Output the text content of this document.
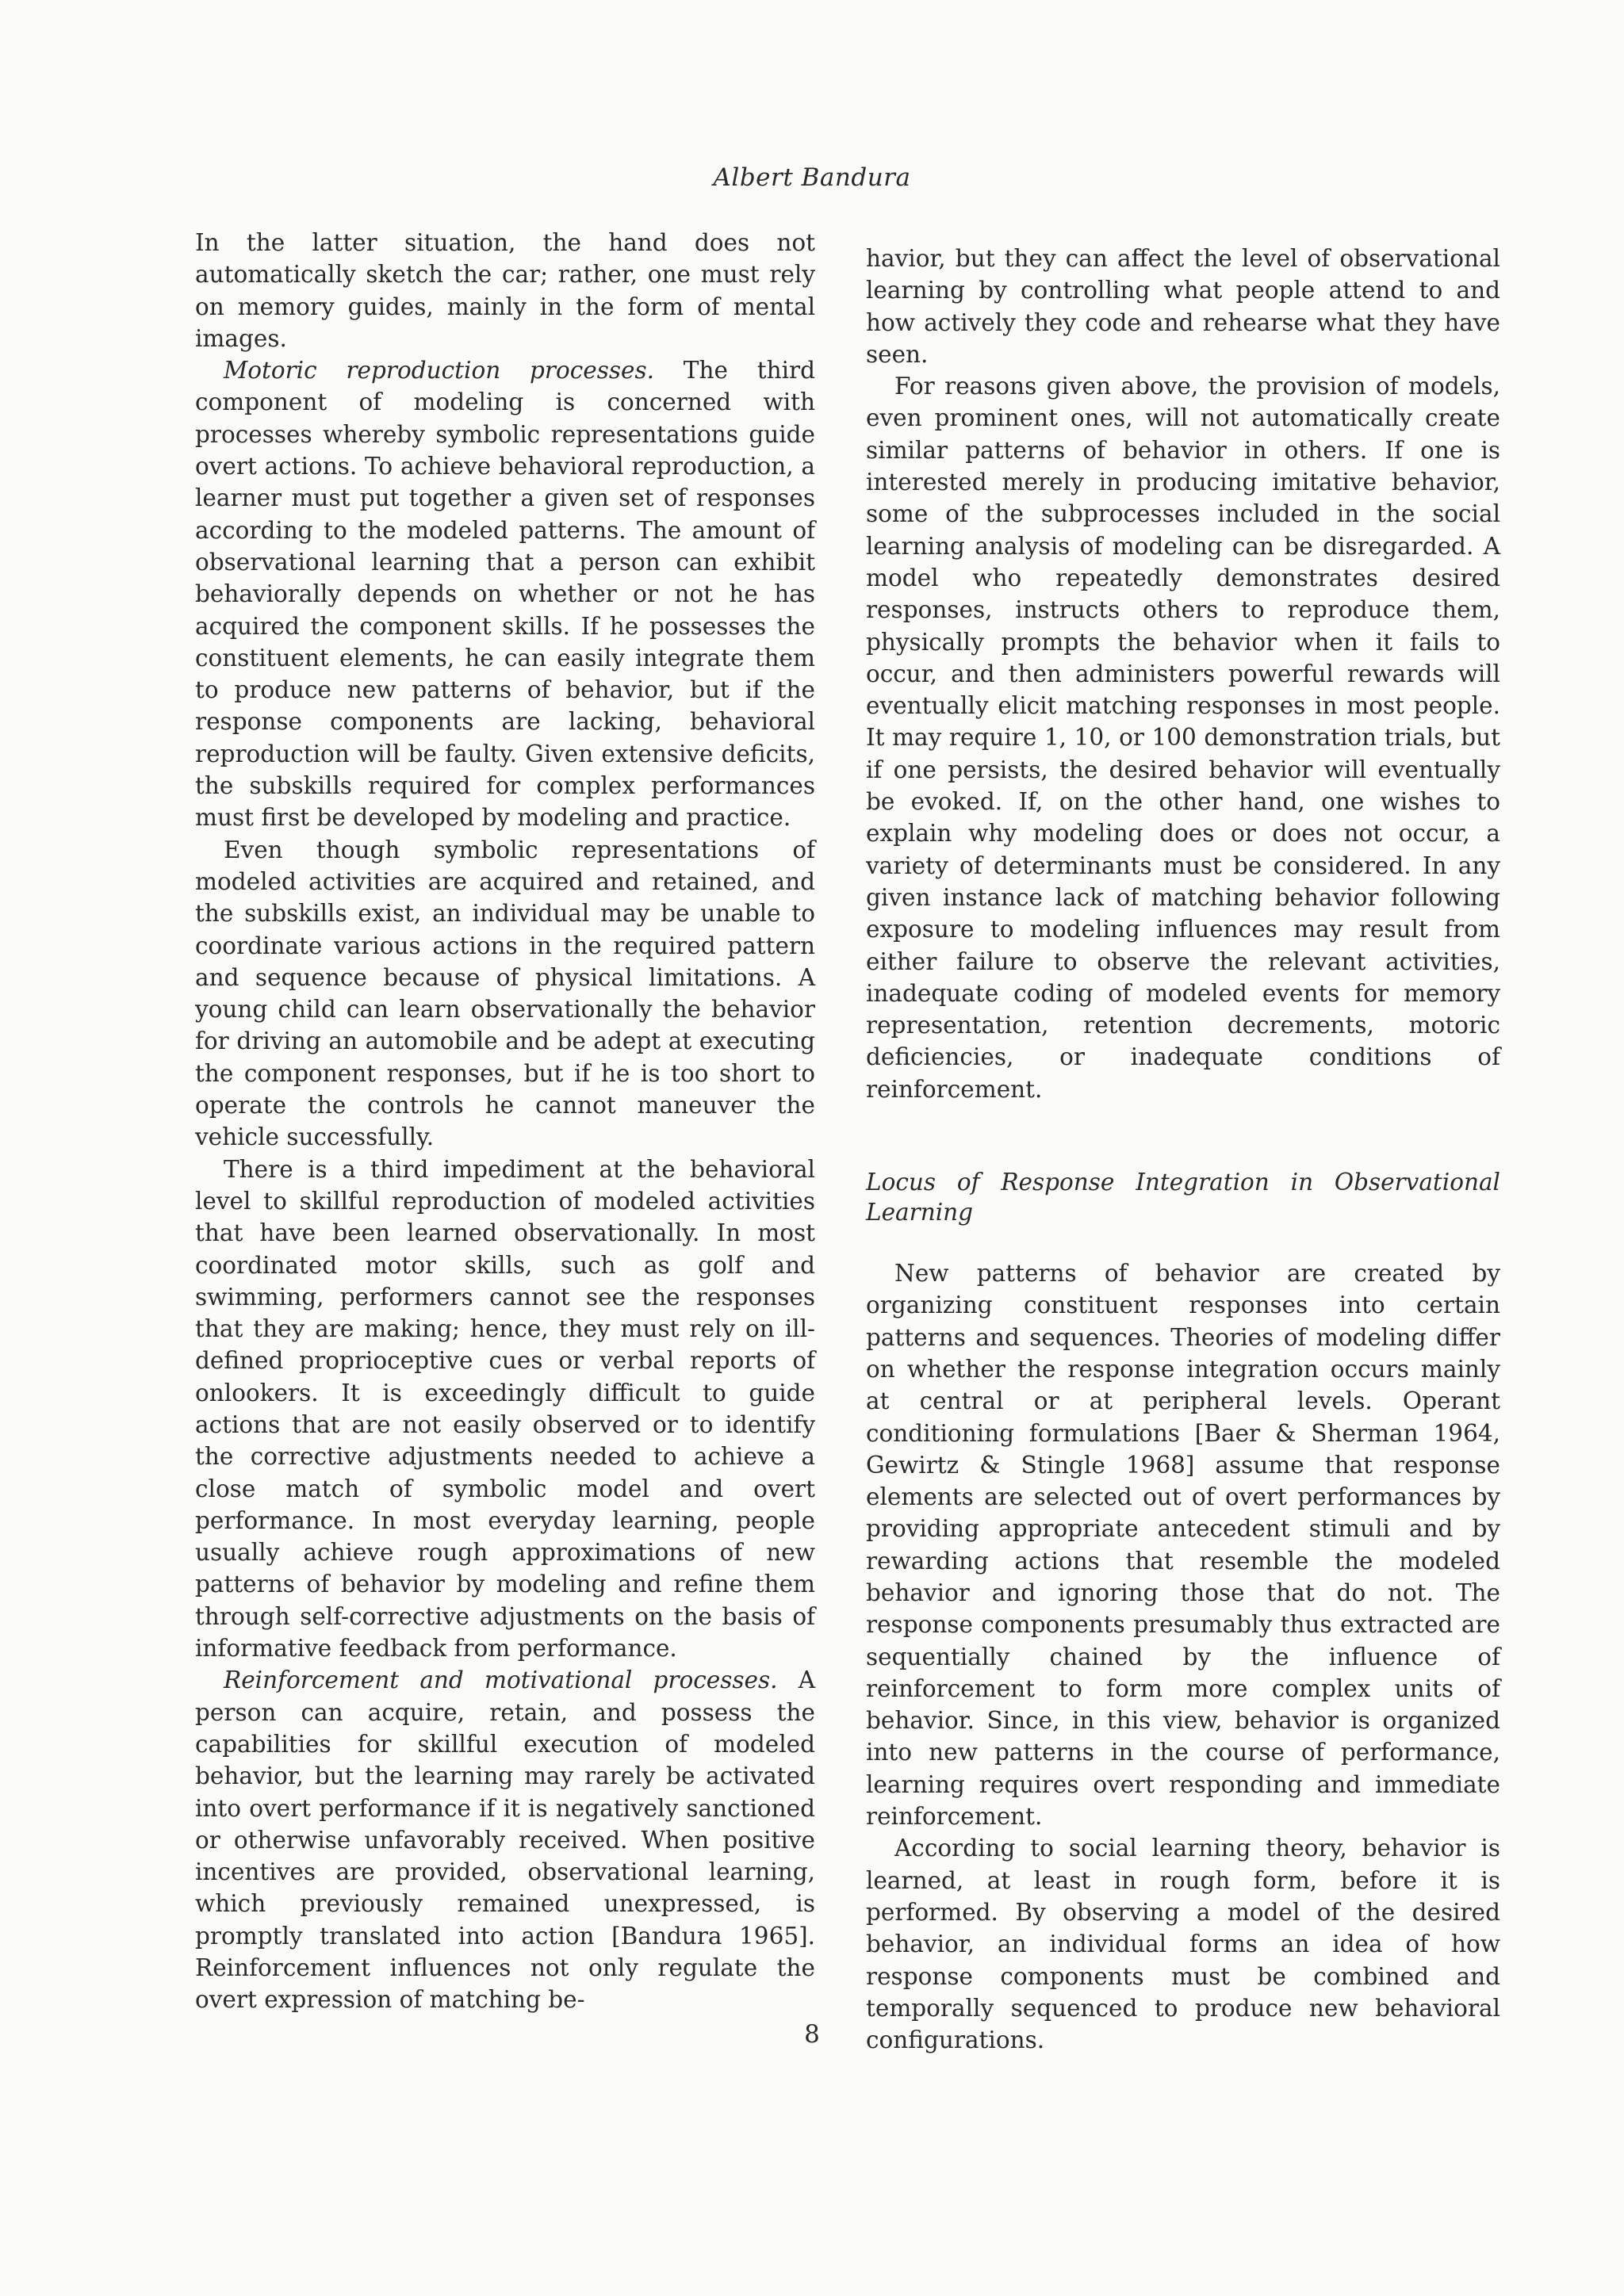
Albert Bandura

In the latter situation, the hand does not automatically sketch the car; rather, one must rely on memory guides, mainly in the form of mental images.

Motoric reproduction processes. The third component of modeling is concerned with processes whereby symbolic representations guide overt actions. To achieve behavioral reproduction, a learner must put together a given set of responses according to the modeled patterns. The amount of observational learning that a person can exhibit behaviorally depends on whether or not he has acquired the component skills. If he possesses the constituent elements, he can easily integrate them to produce new patterns of behavior, but if the response components are lacking, behavioral reproduction will be faulty. Given extensive deficits, the subskills required for complex performances must first be developed by modeling and practice.

Even though symbolic representations of modeled activities are acquired and retained, and the subskills exist, an individual may be unable to coordinate various actions in the required pattern and sequence because of physical limitations. A young child can learn observationally the behavior for driving an automobile and be adept at executing the component responses, but if he is too short to operate the controls he cannot maneuver the vehicle successfully.

There is a third impediment at the behavioral level to skillful reproduction of modeled activities that have been learned observationally. In most coordinated motor skills, such as golf and swimming, performers cannot see the responses that they are making; hence, they must rely on ill-defined proprioceptive cues or verbal reports of onlookers. It is exceedingly difficult to guide actions that are not easily observed or to identify the corrective adjustments needed to achieve a close match of symbolic model and overt performance. In most everyday learning, people usually achieve rough approximations of new patterns of behavior by modeling and refine them through self-corrective adjustments on the basis of informative feedback from performance.

Reinforcement and motivational processes. A person can acquire, retain, and possess the capabilities for skillful execution of modeled behavior, but the learning may rarely be activated into overt performance if it is negatively sanctioned or otherwise unfavorably received. When positive incentives are provided, observational learning, which previously remained unexpressed, is promptly translated into action [Bandura 1965]. Reinforcement influences not only regulate the overt expression of matching be-

havior, but they can affect the level of observational learning by controlling what people attend to and how actively they code and rehearse what they have seen.

For reasons given above, the provision of models, even prominent ones, will not automatically create similar patterns of behavior in others. If one is interested merely in producing imitative behavior, some of the subprocesses included in the social learning analysis of modeling can be disregarded. A model who repeatedly demonstrates desired responses, instructs others to reproduce them, physically prompts the behavior when it fails to occur, and then administers powerful rewards will eventually elicit matching responses in most people. It may require 1, 10, or 100 demonstration trials, but if one persists, the desired behavior will eventually be evoked. If, on the other hand, one wishes to explain why modeling does or does not occur, a variety of determinants must be considered. In any given instance lack of matching behavior following exposure to modeling influences may result from either failure to observe the relevant activities, inadequate coding of modeled events for memory representation, retention decrements, motoric deficiencies, or inadequate conditions of reinforcement.

Locus of Response Integration in Observational Learning

New patterns of behavior are created by organizing constituent responses into certain patterns and sequences. Theories of modeling differ on whether the response integration occurs mainly at central or at peripheral levels. Operant conditioning formulations [Baer & Sherman 1964, Gewirtz & Stingle 1968] assume that response elements are selected out of overt performances by providing appropriate antecedent stimuli and by rewarding actions that resemble the modeled behavior and ignoring those that do not. The response components presumably thus extracted are sequentially chained by the influence of reinforcement to form more complex units of behavior. Since, in this view, behavior is organized into new patterns in the course of performance, learning requires overt responding and immediate reinforcement.

According to social learning theory, behavior is learned, at least in rough form, before it is performed. By observing a model of the desired behavior, an individual forms an idea of how response components must be combined and temporally sequenced to produce new behavioral configurations.

8
